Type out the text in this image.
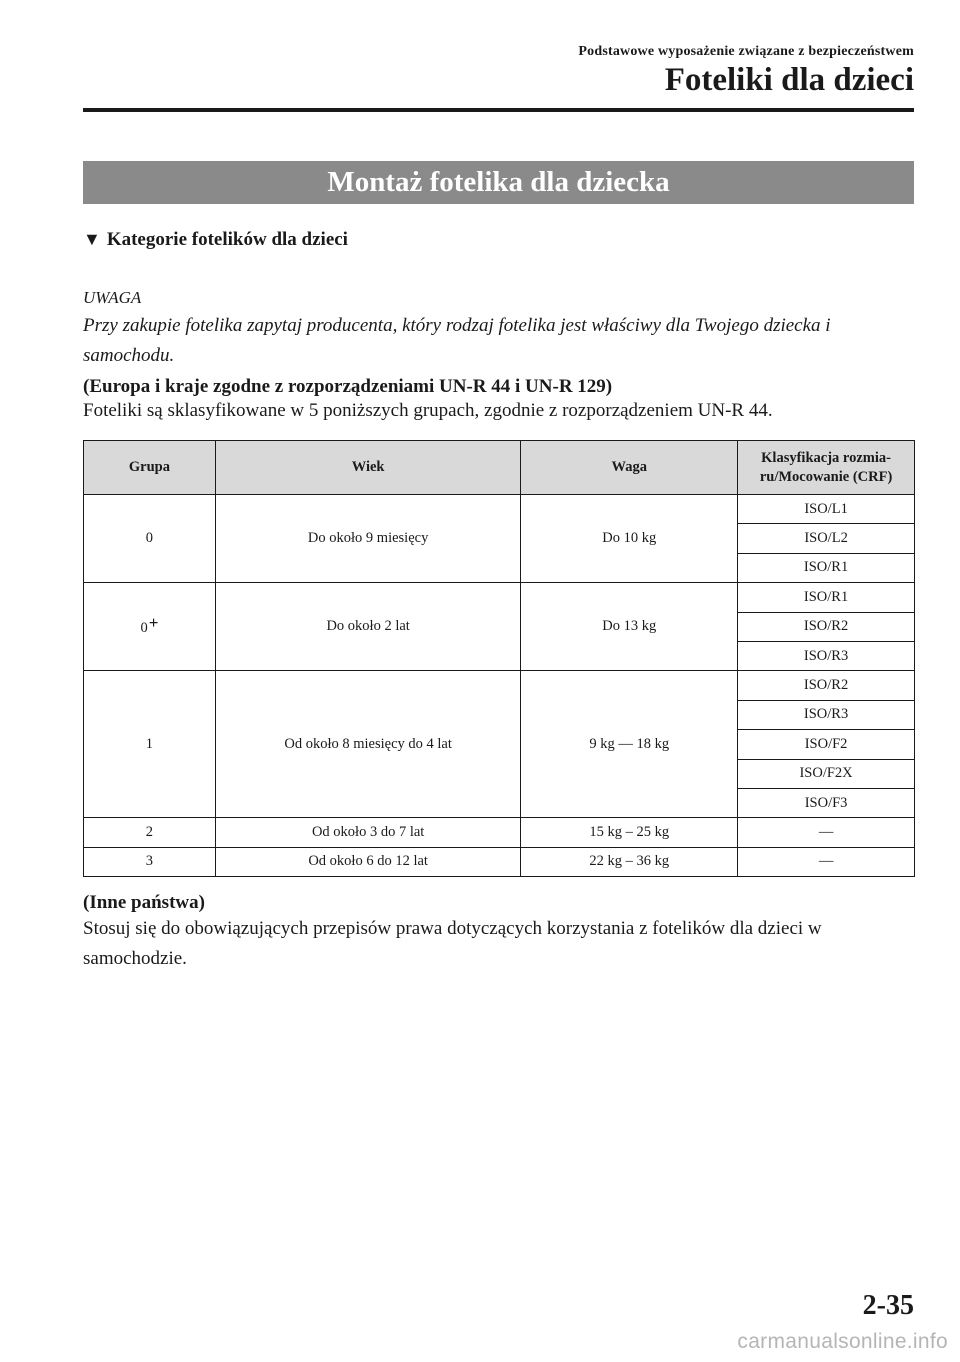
Podstawowe wyposażenie związane z bezpieczeństwem
Foteliki dla dzieci
Montaż fotelika dla dziecka
▼ Kategorie fotelików dla dzieci
UWAGA
Przy zakupie fotelika zapytaj producenta, który rodzaj fotelika jest właściwy dla Twojego dziecka i samochodu.
(Europa i kraje zgodne z rozporządzeniami UN-R 44 i UN-R 129)
Foteliki są sklasyfikowane w 5 poniższych grupach, zgodnie z rozporządzeniem UN-R 44.
Grupa	Wiek	Waga	Klasyfikacja rozmia-
ru/Mocowanie (CRF)
0	Do około 9 miesięcy	Do 10 kg	ISO/L1
			ISO/L2
			ISO/R1
0+	Do około 2 lat	Do 13 kg	ISO/R1
			ISO/R2
			ISO/R3
1	Od około 8 miesięcy do 4 lat	9 kg ― 18 kg	ISO/R2
			ISO/R3
			ISO/F2
			ISO/F2X
			ISO/F3
2	Od około 3 do 7 lat	15 kg – 25 kg	―
3	Od około 6 do 12 lat	22 kg – 36 kg	―
(Inne państwa)
Stosuj się do obowiązujących przepisów prawa dotyczących korzystania z fotelików dla dzieci w samochodzie.
2-35
carmanualsonline.info
